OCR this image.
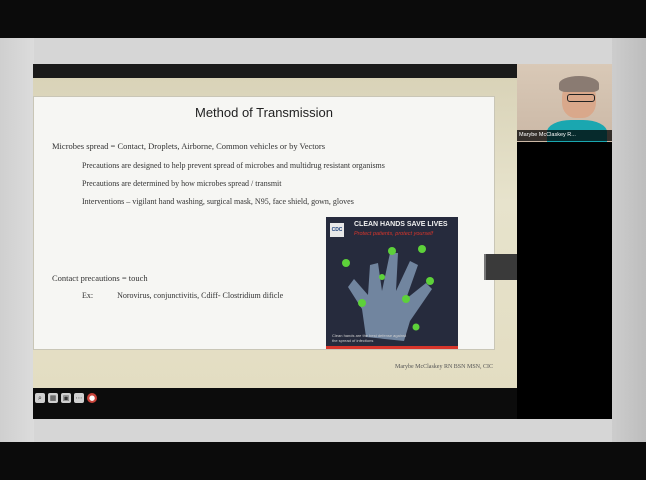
Method of Transmission
Microbes spread = Contact, Droplets, Airborne, Common vehicles or by Vectors
Precautions are designed to help prevent spread of microbes and multidrug resistant organisms
Precautions are determined by how microbes spread / transmit
Interventions – vigilant hand washing, surgical mask, N95, face shield, gown, gloves
Contact precautions = touch
Ex:	Norovirus, conjunctivitis, Cdiff- Clostridium dificle
CDC
CLEAN HANDS SAVE LIVES
Protect patients, protect yourself
Clean hands are the best defense against the spread of infections
Marybe McClaskey RN BSN MSN, CIC
⌕	▦ ▣ ⋯ ●
Marybe McClaskey R...
